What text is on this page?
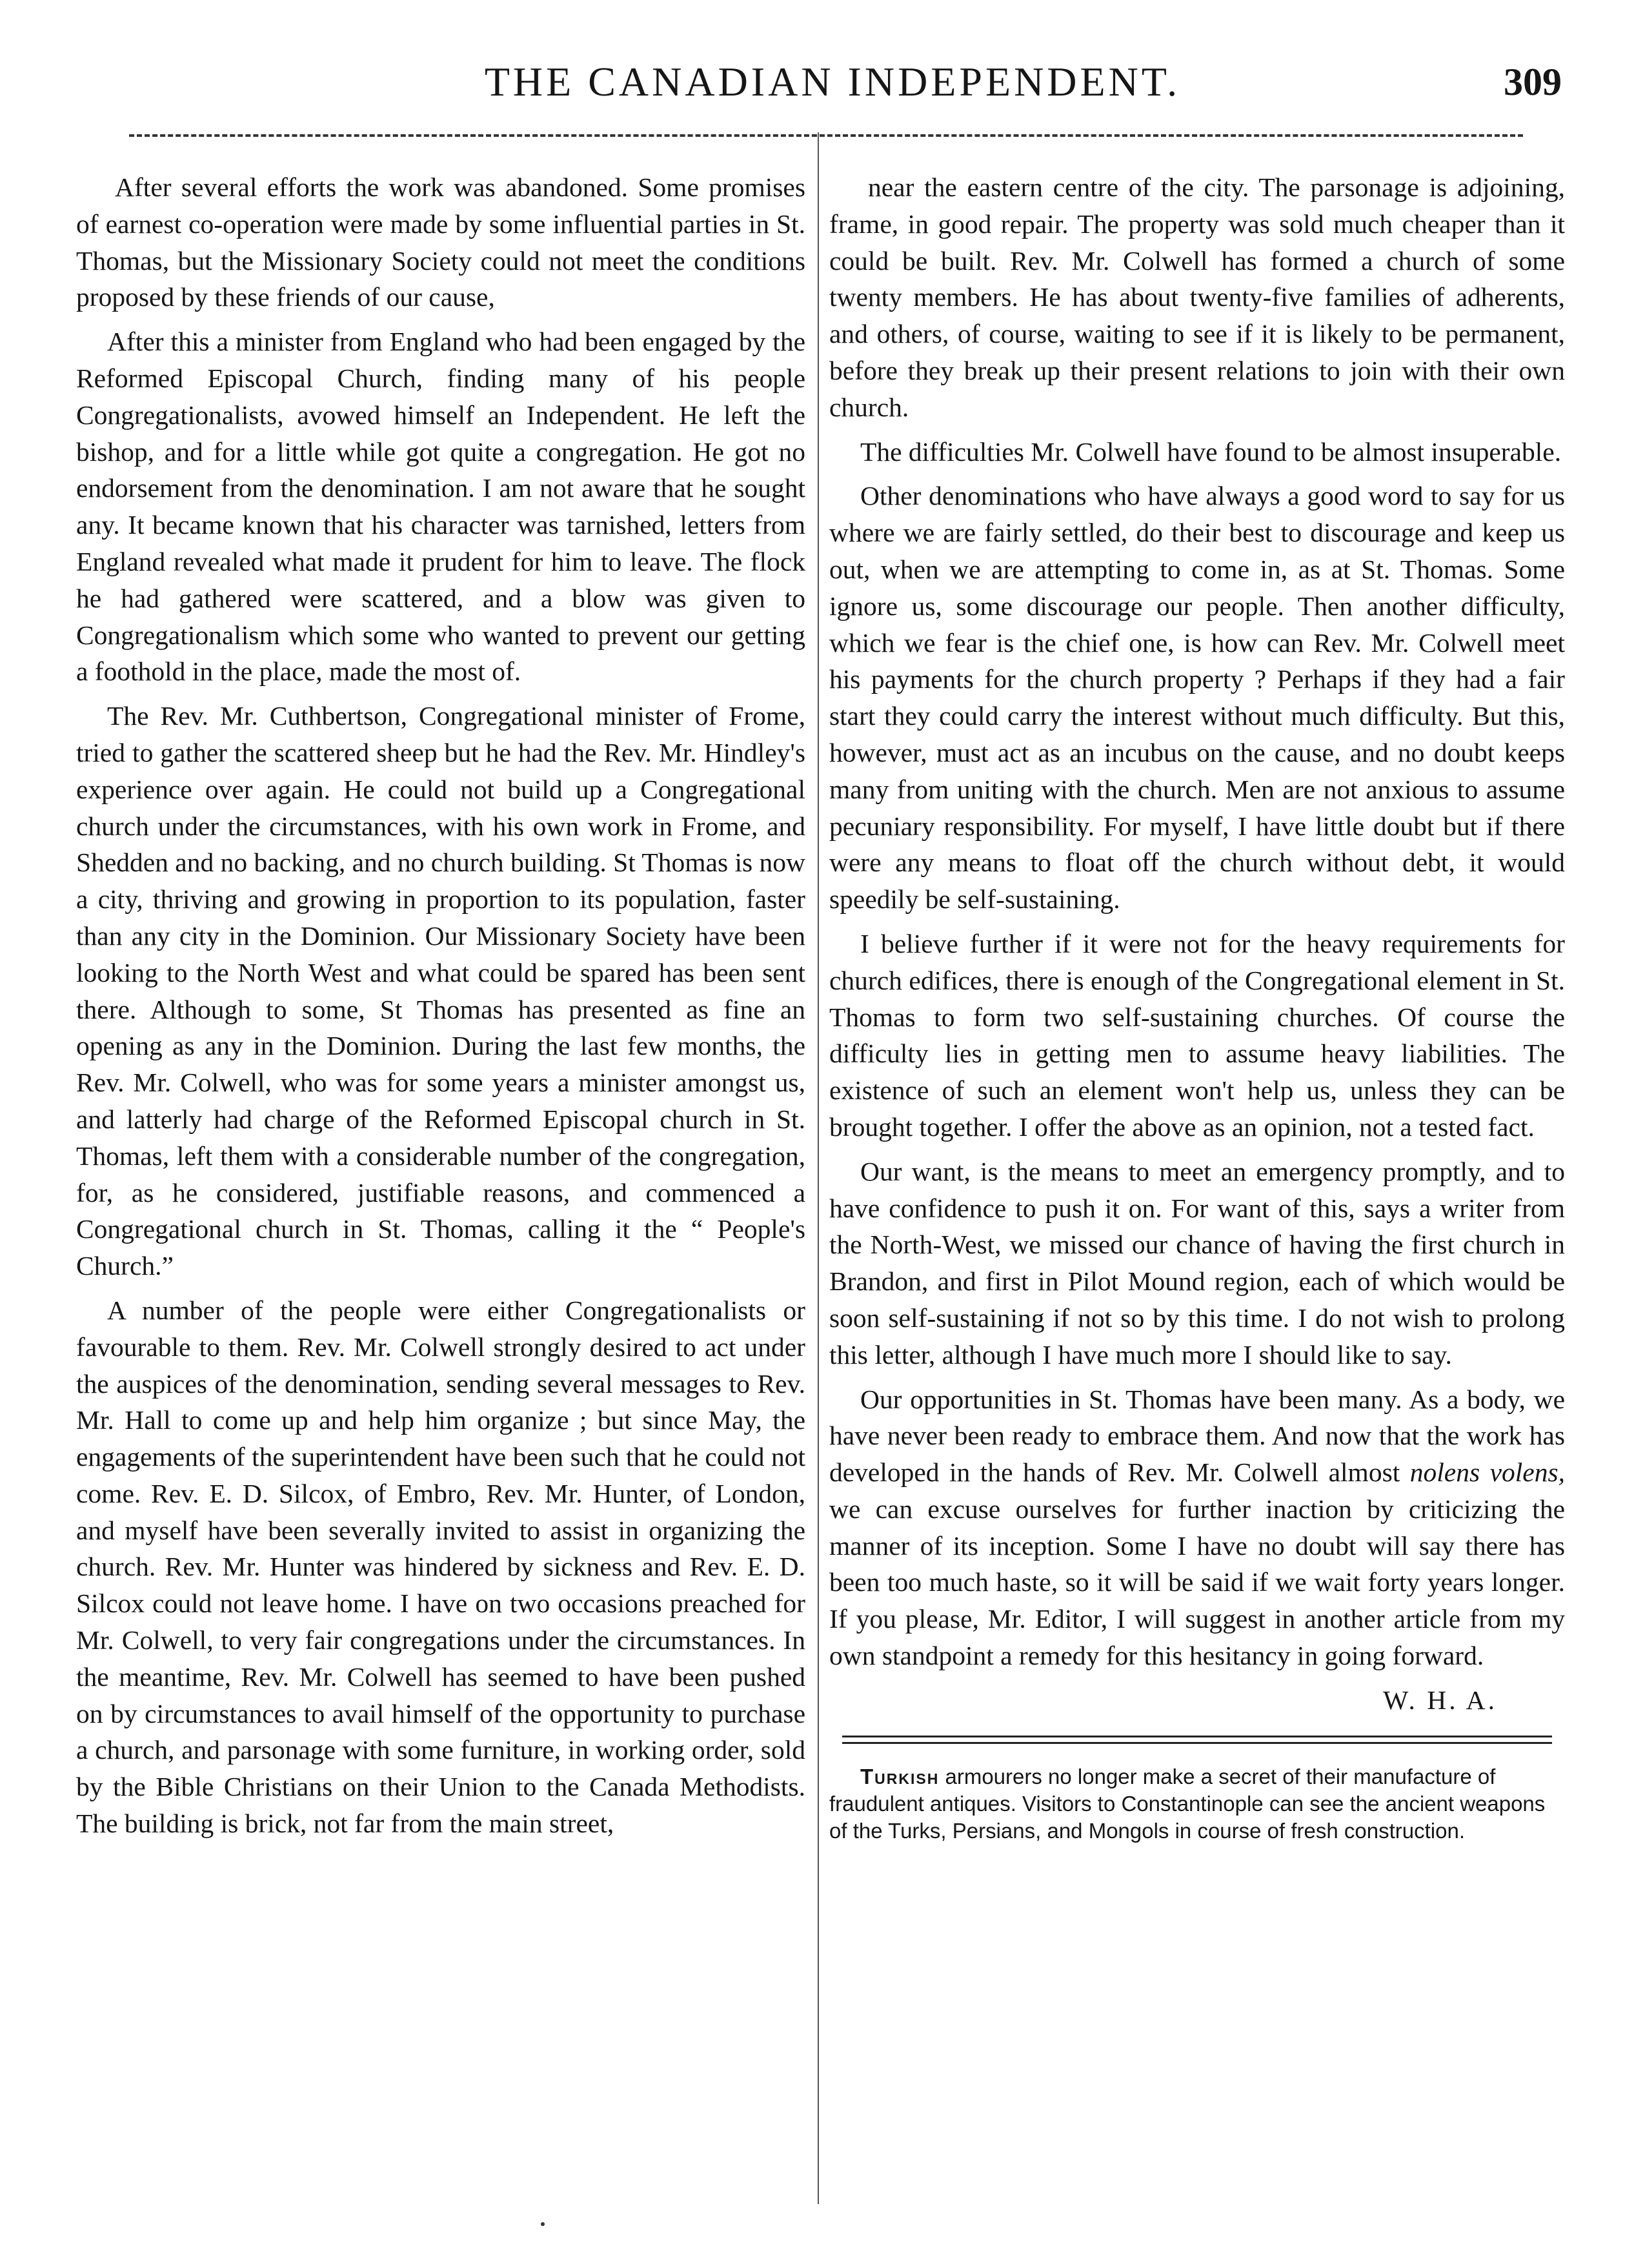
THE CANADIAN INDEPENDENT.	309

After several efforts the work was abandoned. Some promises of earnest co-operation were made by some influential parties in St. Thomas, but the Missionary Society could not meet the conditions proposed by these friends of our cause,

After this a minister from England who had been engaged by the Reformed Episcopal Church, finding many of his people Congregationalists, avowed himself an Independent. He left the bishop, and for a little while got quite a congregation. He got no endorsement from the denomination. I am not aware that he sought any. It became known that his character was tarnished, letters from England revealed what made it prudent for him to leave. The flock he had gathered were scattered, and a blow was given to Congregationalism which some who wanted to prevent our getting a foothold in the place, made the most of.

The Rev. Mr. Cuthbertson, Congregational minister of Frome, tried to gather the scattered sheep but he had the Rev. Mr. Hindley's experience over again. He could not build up a Congregational church under the circumstances, with his own work in Frome, and Shedden and no backing, and no church building. St Thomas is now a city, thriving and growing in proportion to its population, faster than any city in the Dominion. Our Missionary Society have been looking to the North West and what could be spared has been sent there. Although to some, St Thomas has presented as fine an opening as any in the Dominion. During the last few months, the Rev. Mr. Colwell, who was for some years a minister amongst us, and latterly had charge of the Reformed Episcopal church in St. Thomas, left them with a considerable number of the congregation, for, as he considered, justifiable reasons, and commenced a Congregational church in St. Thomas, calling it the “ People's Church.”

A number of the people were either Congregationalists or favourable to them. Rev. Mr. Colwell strongly desired to act under the auspices of the denomination, sending several messages to Rev. Mr. Hall to come up and help him organize ; but since May, the engagements of the superintendent have been such that he could not come. Rev. E. D. Silcox, of Embro, Rev. Mr. Hunter, of London, and myself have been severally invited to assist in organizing the church. Rev. Mr. Hunter was hindered by sickness and Rev. E. D. Silcox could not leave home. I have on two occasions preached for Mr. Colwell, to very fair congregations under the circumstances. In the meantime, Rev. Mr. Colwell has seemed to have been pushed on by circumstances to avail himself of the opportunity to purchase a church, and parsonage with some furniture, in working order, sold by the Bible Christians on their Union to the Canada Methodists. The building is brick, not far from the main street,

near the eastern centre of the city. The parsonage is adjoining, frame, in good repair. The property was sold much cheaper than it could be built. Rev. Mr. Colwell has formed a church of some twenty members. He has about twenty-five families of adherents, and others, of course, waiting to see if it is likely to be permanent, before they break up their present relations to join with their own church.

The difficulties Mr. Colwell have found to be almost insuperable.

Other denominations who have always a good word to say for us where we are fairly settled, do their best to discourage and keep us out, when we are attempting to come in, as at St. Thomas. Some ignore us, some discourage our people. Then another difficulty, which we fear is the chief one, is how can Rev. Mr. Colwell meet his payments for the church property ? Perhaps if they had a fair start they could carry the interest without much difficulty. But this, however, must act as an incubus on the cause, and no doubt keeps many from uniting with the church. Men are not anxious to assume pecuniary responsibility. For myself, I have little doubt but if there were any means to float off the church without debt, it would speedily be self-sustaining.

I believe further if it were not for the heavy requirements for church edifices, there is enough of the Congregational element in St. Thomas to form two self-sustaining churches. Of course the difficulty lies in getting men to assume heavy liabilities. The existence of such an element won't help us, unless they can be brought together. I offer the above as an opinion, not a tested fact.

Our want, is the means to meet an emergency promptly, and to have confidence to push it on. For want of this, says a writer from the North-West, we missed our chance of having the first church in Brandon, and first in Pilot Mound region, each of which would be soon self-sustaining if not so by this time. I do not wish to prolong this letter, although I have much more I should like to say.

Our opportunities in St. Thomas have been many. As a body, we have never been ready to embrace them. And now that the work has developed in the hands of Rev. Mr. Colwell almost nolens volens, we can excuse ourselves for further inaction by criticizing the manner of its inception. Some I have no doubt will say there has been too much haste, so it will be said if we wait forty years longer. If you please, Mr. Editor, I will suggest in another article from my own standpoint a remedy for this hesitancy in going forward.

W. H. A.

Turkish armourers no longer make a secret of their manufacture of fraudulent antiques. Visitors to Constantinople can see the ancient weapons of the Turks, Persians, and Mongols in course of fresh construction.
